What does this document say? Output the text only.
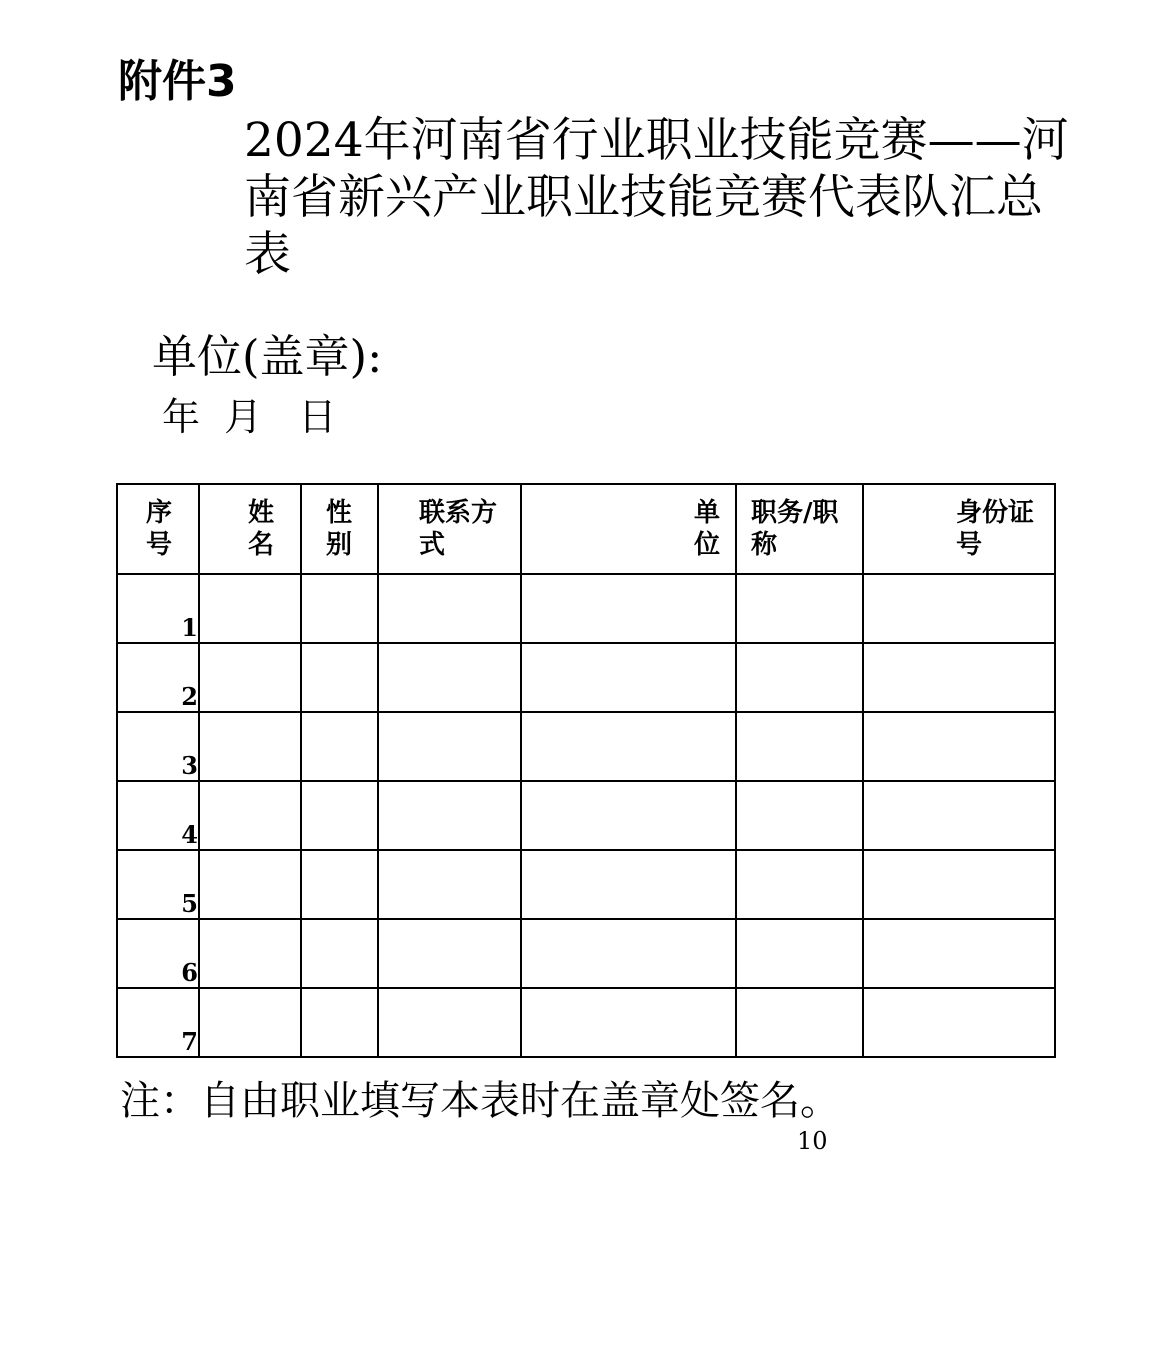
附件3
2024年河南省行业职业技能竞赛——河
南省新兴产业职业技能竞赛代表队汇总
表
单位(盖章):
年  月   日
序号	姓名	性别	联系方式	单位	职务/职称	身份证号

1						
2						
3						
4						
5						
6						
7						
注：自由职业填写本表时在盖章处签名。
10
